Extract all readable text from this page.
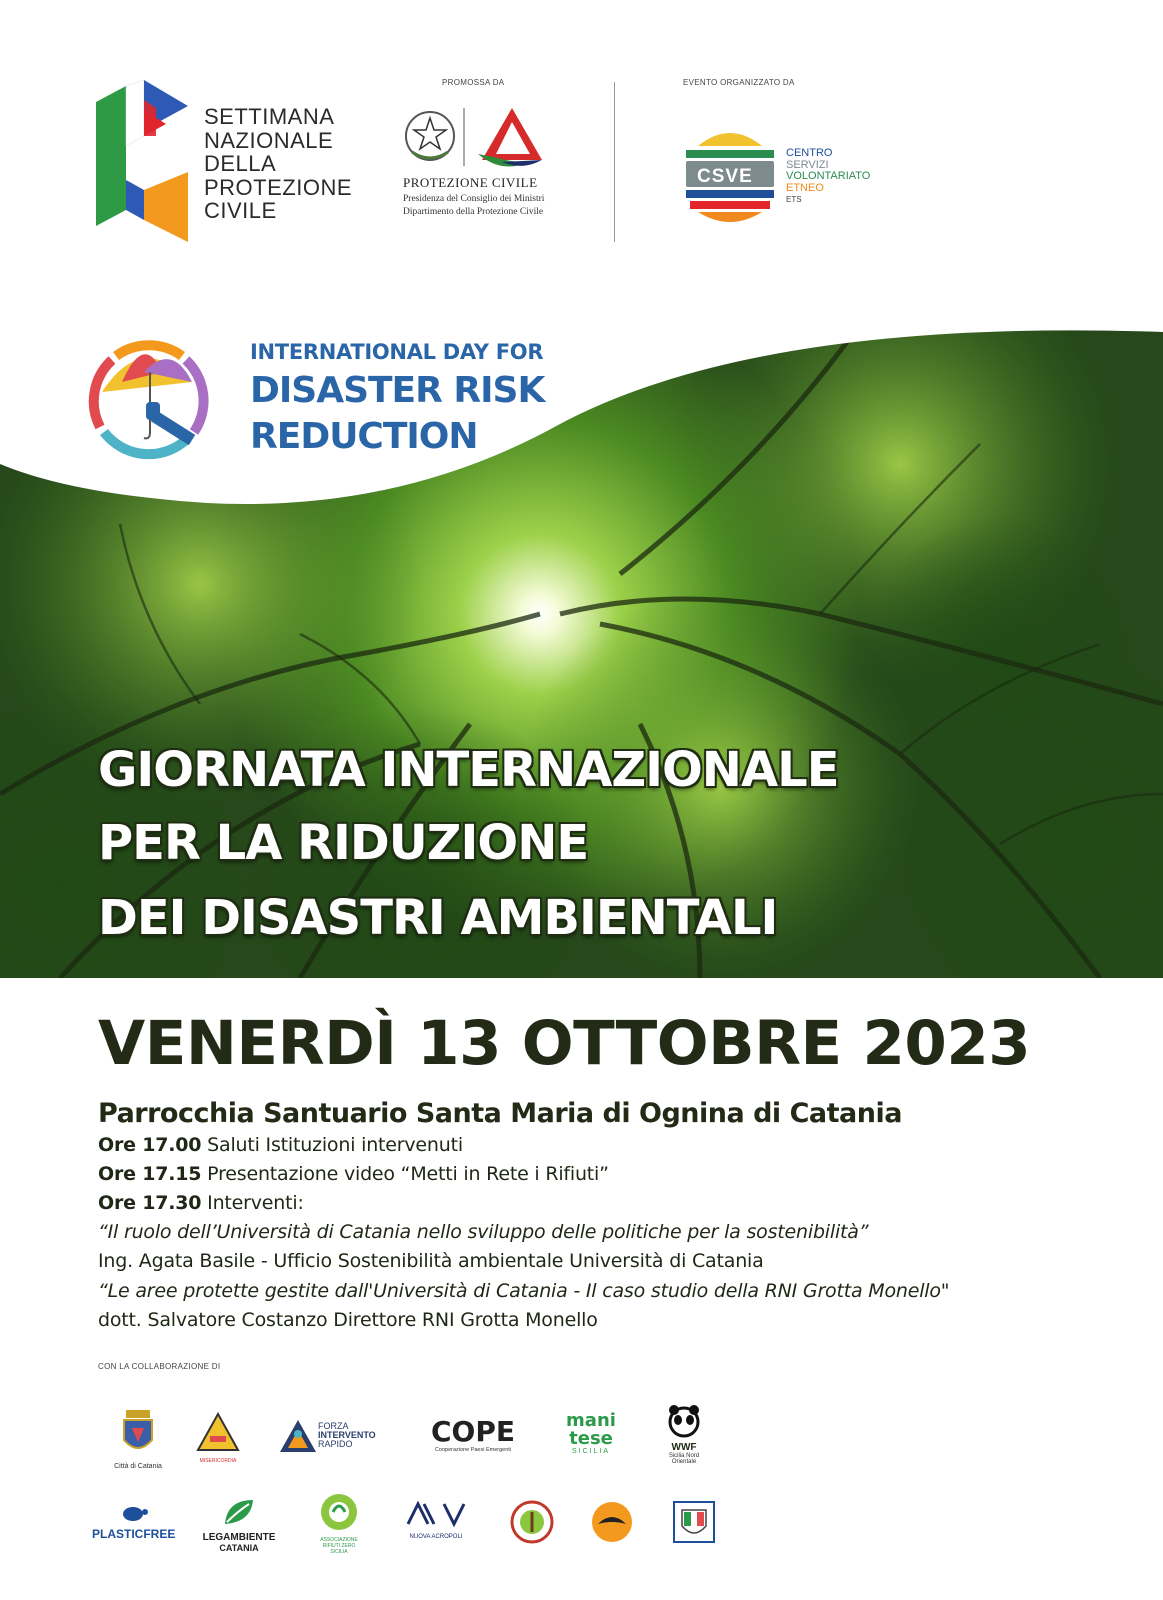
SETTIMANA
NAZIONALE
DELLA
PROTEZIONE
CIVILE
PROMOSSA DA
PROTEZIONE CIVILE
Presidenza del Consiglio dei Ministri
Dipartimento della Protezione Civile
EVENTO ORGANIZZATO DA
CSVE
CENTRO
SERVIZI
VOLONTARIATO
ETNEO
ETS
INTERNATIONAL DAY FOR
DISASTER RISK
REDUCTION
GIORNATA INTERNAZIONALE
PER LA RIDUZIONE
DEI DISASTRI AMBIENTALI
VENERDÌ 13 OTTOBRE 2023
Parrocchia Santuario Santa Maria di Ognina di Catania
Ore 17.00 Saluti Istituzioni intervenuti
Ore 17.15 Presentazione video “Metti in Rete i Rifiuti”
Ore 17.30 Interventi:
“Il ruolo dell’Università di Catania nello sviluppo delle politiche per la sostenibilità”
Ing. Agata Basile - Ufficio Sostenibilità ambientale Università di Catania
“Le aree protette gestite dall'Università di Catania - Il caso studio della RNI Grotta Monello"
dott. Salvatore Costanzo Direttore RNI Grotta Monello
CON LA COLLABORAZIONE DI
Città di Catania
MISERICORDIA
FORZA
INTERVENTO
RAPIDO	COPE
Cooperazione Paesi Emergenti
mani
tese
SICILIA	WWF
Sicilia Nord
Orientale
PLASTICFREE	LEGAMBIENTE
CATANIA
ASSOCIAZIONE
RIFIUTI ZERO
SICILIA
NUOVA ACROPOLI
